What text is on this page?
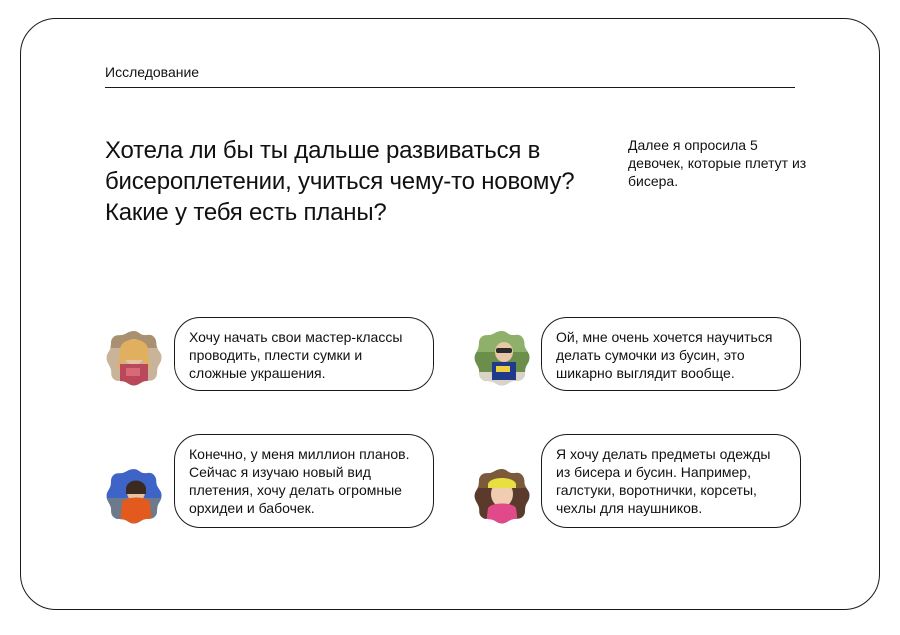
Исследование
Хотела ли бы ты дальше развиваться в бисероплетении, учиться чему-то новому? Какие у тебя есть планы?
Далее я опросила 5 девочек, которые плетут из бисера.
Хочу начать свои мастер-классы проводить, плести сумки и сложные украшения.
Ой, мне очень хочется научиться делать сумочки из бусин, это шикарно выглядит вообще.
Конечно, у меня миллион планов. Сейчас я изучаю новый вид плетения, хочу делать огромные орхидеи и бабочек.
Я хочу делать предметы одежды из бисера и бусин. Например, галстуки, воротнички, корсеты, чехлы для наушников.
